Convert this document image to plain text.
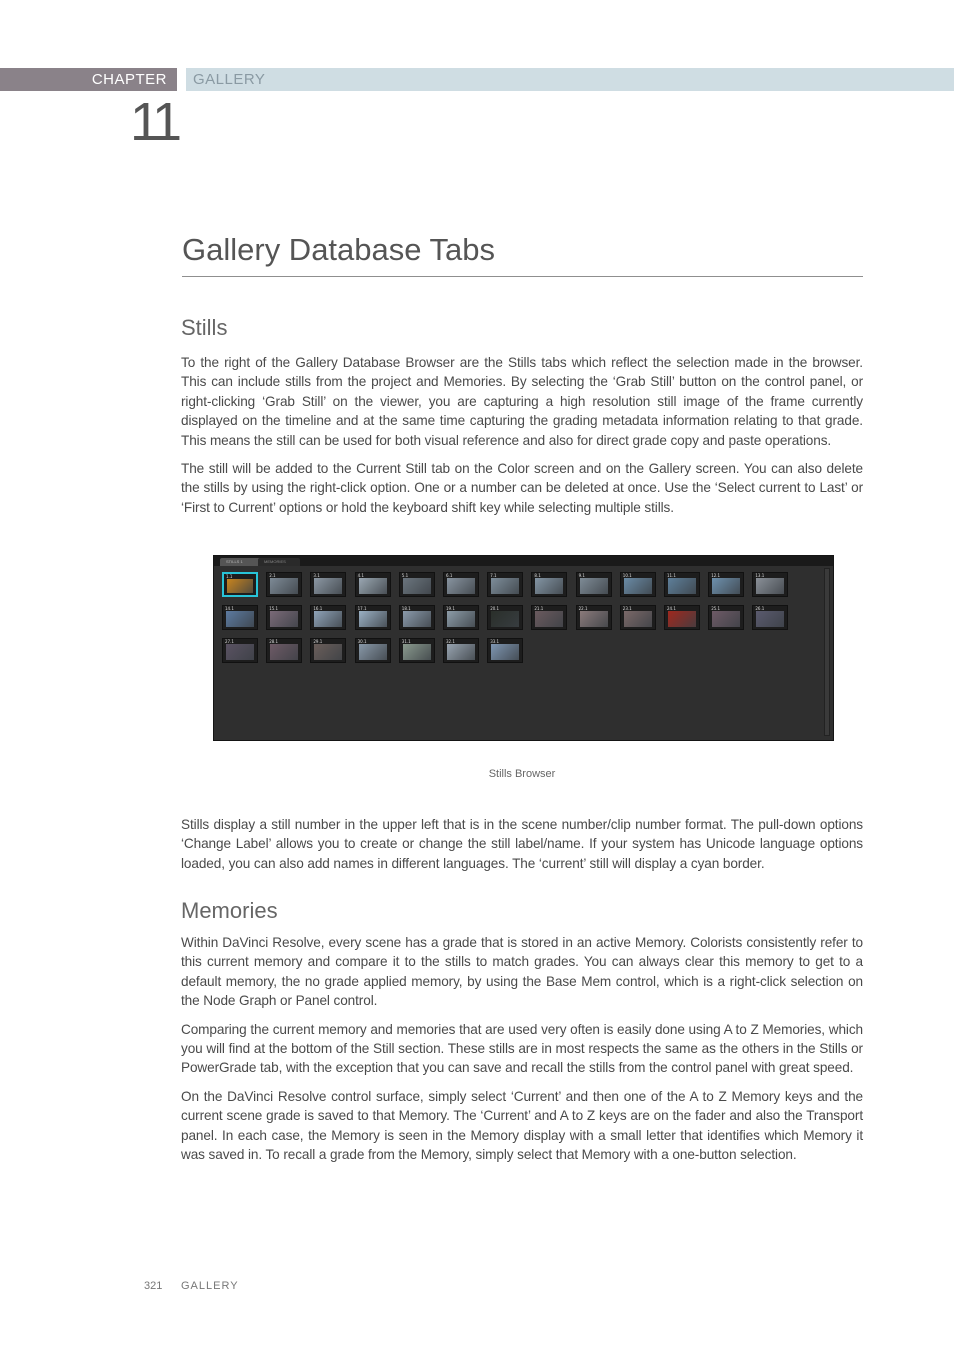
CHAPTER	GALLERY
11
Gallery Database Tabs
Stills

To the right of the Gallery Database Browser are the Stills tabs which reflect the selection made in the browser. This can include stills from the project and Memories. By selecting the ‘Grab Still’ button on the control panel, or right-clicking ‘Grab Still’ on the viewer, you are capturing a high resolution still image of the frame currently displayed on the timeline and at the same time capturing the grading metadata information relating to that grade. This means the still can be used for both visual reference and also for direct grade copy and paste operations.

The still will be added to the Current Still tab on the Color screen and on the Gallery screen. You can also delete the stills by using the right-click option. One or a number can be deleted at once. Use the ‘Select current to Last’ or ‘First to Current’ options or hold the keyboard shift key while selecting multiple stills.

STILLS 1	MEMORIES
1.1	2.1	3.1	4.1	5.1	6.1	7.1	8.1	9.1	10.1	11.1	12.1	13.1
14.1	15.1	16.1	17.1	18.1	19.1	20.1	21.1	22.1	23.1	24.1	25.1	26.1
27.1	28.1	29.1	30.1	31.1	32.1	33.1
Stills Browser

Stills display a still number in the upper left that is in the scene number/clip number format. The pull-down options ‘Change Label’ allows you to create or change the still label/name. If your system has Unicode language options loaded, you can also add names in different languages. The ‘current’ still will display a cyan border.

Memories

Within DaVinci Resolve, every scene has a grade that is stored in an active Memory. Colorists consistently refer to this current memory and compare it to the stills to match grades. You can always clear this memory to get to a default memory, the no grade applied memory, by using the Base Mem control, which is a right-click selection on the Node Graph or Panel control.

Comparing the current memory and memories that are used very often is easily done using A to Z Memories, which you will find at the bottom of the Still section. These stills are in most respects the same as the others in the Stills or PowerGrade tab, with the exception that you can save and recall the stills from the control panel with great speed.

On the DaVinci Resolve control surface, simply select ‘Current’ and then one of the A to Z Memory keys and the current scene grade is saved to that Memory. The ‘Current’ and A to Z keys are on the fader and also the Transport panel. In each case, the Memory is seen in the Memory display with a small letter that identifies which Memory it was saved in. To recall a grade from the Memory, simply select that Memory with a one-button selection.

321 GALLERY
